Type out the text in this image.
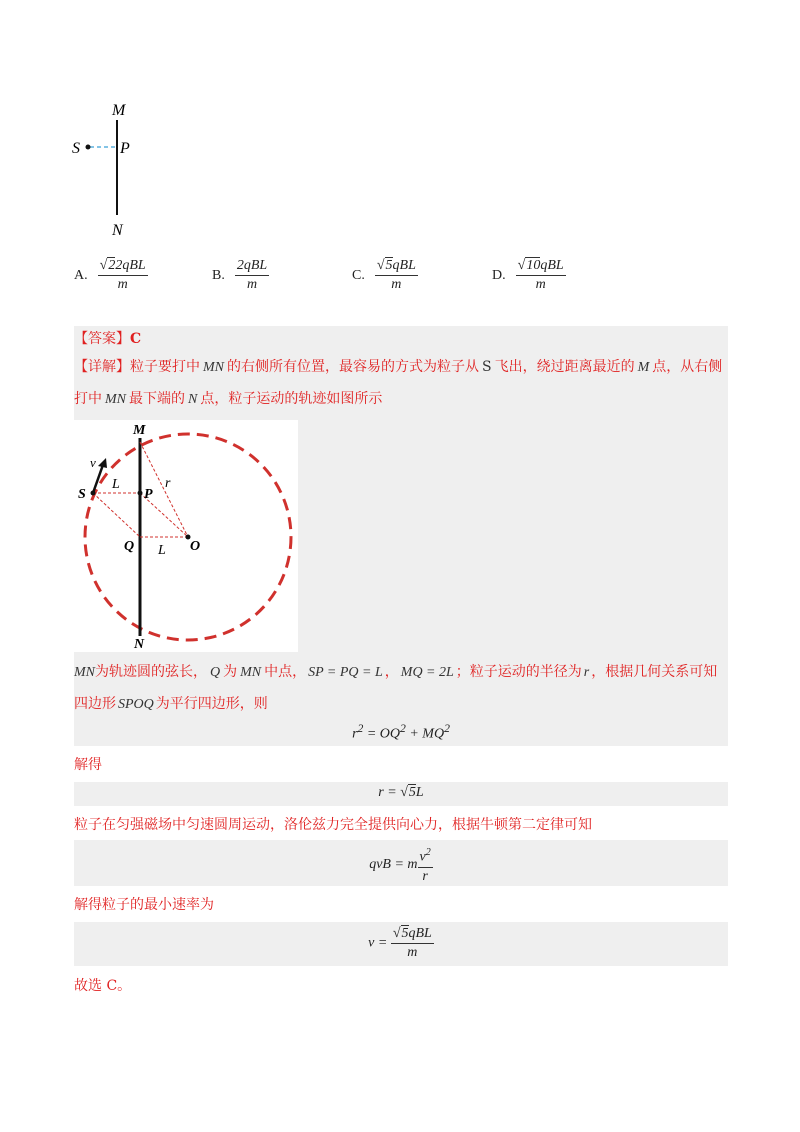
M
S	P
N
A. $\frac{\text{√22qBL}}{m}$	B. $\frac{\text{2qBL}}{m}$	C. $\frac{\text{√5qBL}}{m}$	D. $\frac{\text{√10qBL}}{m}$
【答案】C
【详解】粒子要打中 MN 的右侧所有位置，最容易的方式为粒子从 S 飞出，绕过距离最近的 M 点，从右侧
打中 MN 最下端的 N 点，粒子运动的轨迹如图所示
M
v
S
L
P
r
Q L O
N
MN为轨迹圆的弦长， Q 为 MN 中点， SP = PQ = L ， MQ = 2L ；粒子运动的半径为 r ，根据几何关系可知
四边形 SPOQ 为平行四边形，则
$r^2 = OQ^2 + MQ^2$
解得
r = √5L
粒子在匀强磁场中匀速圆周运动，洛伦兹力完全提供向心力，根据牛顿第二定律可知
qvB = m $\frac{v^2}{r}$
解得粒子的最小速率为
$v = \frac{\text{√5qBL}}{m}$
故选 C。
